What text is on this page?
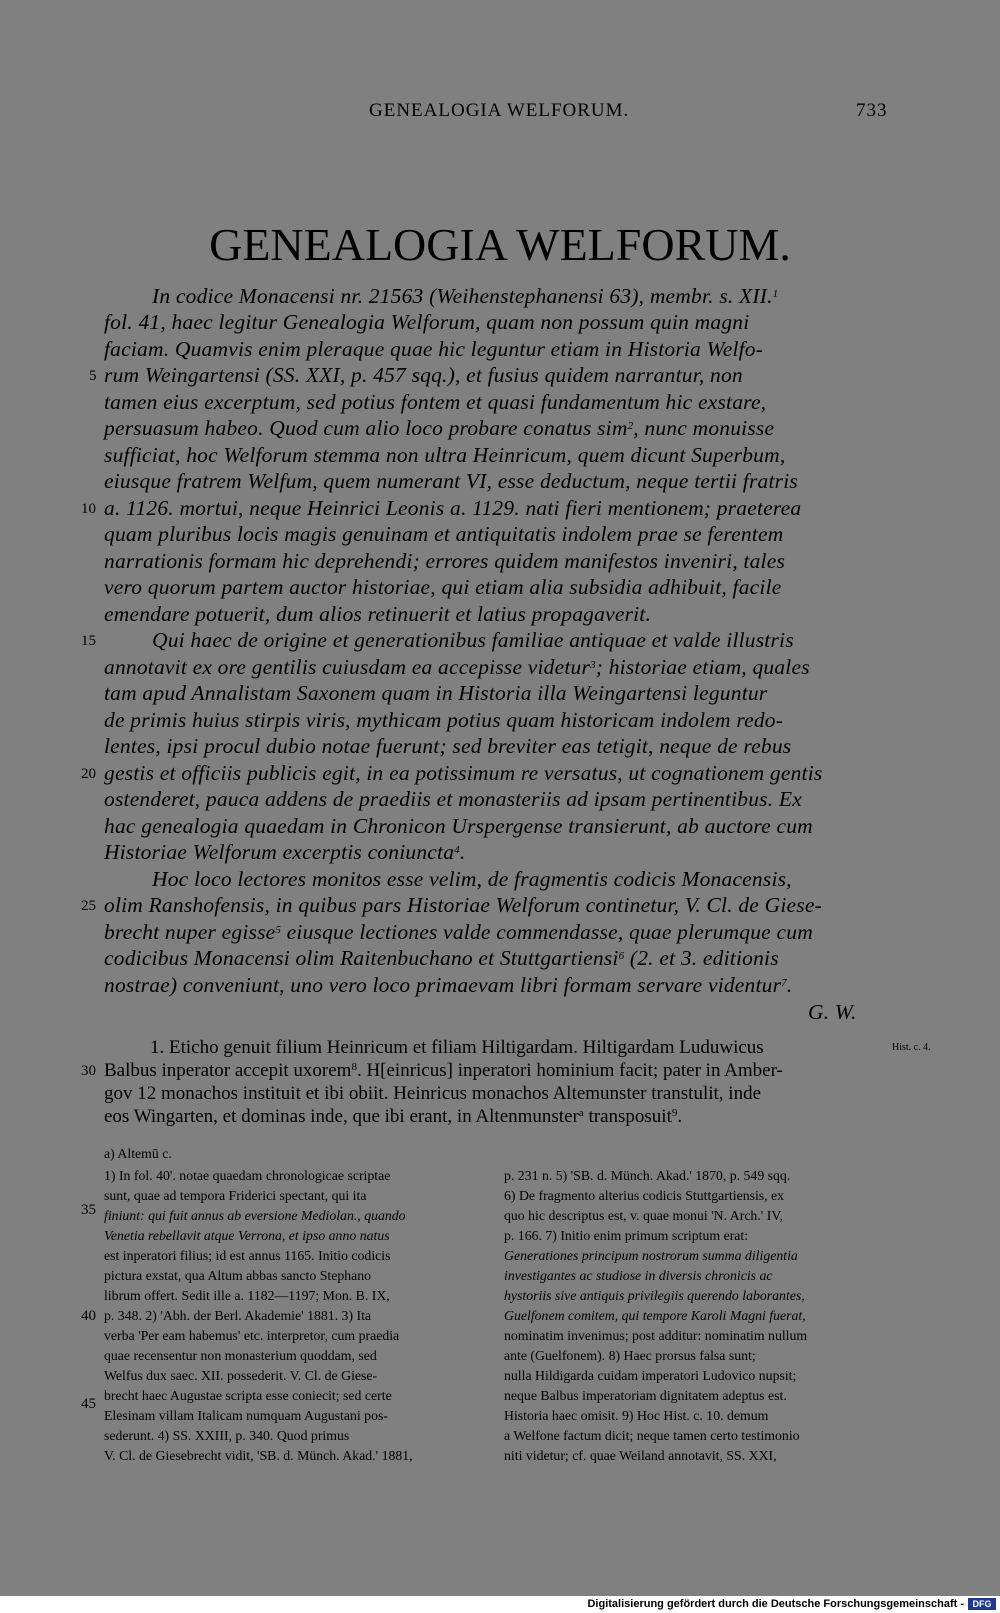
GENEALOGIA WELFORUM.	733
GENEALOGIA WELFORUM.
In codice Monacensi nr. 21563 (Weihenstephanensi 63), membr. s. XII.$^1$
fol. 41, haec legitur Genealogia Welforum, quam non possum quin magni
faciam. Quamvis enim pleraque quae hic leguntur etiam in Historia Welfo-
rum Weingartensi (SS. XXI, p. 457 sqq.), et fusius quidem narrantur, non
tamen eius excerptum, sed potius fontem et quasi fundamentum hic exstare,
persuasum habeo. Quod cum alio loco probare conatus sim$^2$, nunc monuisse
sufficiat, hoc Welforum stemma non ultra Heinricum, quem dicunt Superbum,
eiusque fratrem Welfum, quem numerant VI, esse deductum, neque tertii fratris
a. 1126. mortui, neque Heinrici Leonis a. 1129. nati fieri mentionem; praeterea
quam pluribus locis magis genuinam et antiquitatis indolem prae se ferentem
narrationis formam hic deprehendi; errores quidem manifestos inveniri, tales
vero quorum partem auctor historiae, qui etiam alia subsidia adhibuit, facile
emendare potuerit, dum alios retinuerit et latius propagaverit.
Qui haec de origine et generationibus familiae antiquae et valde illustris
annotavit ex ore gentilis cuiusdam ea accepisse videtur$^3$; historiae etiam, quales
tam apud Annalistam Saxonem quam in Historia illa Weingartensi leguntur
de primis huius stirpis viris, mythicam potius quam historicam indolem redo-
lentes, ipsi procul dubio notae fuerunt; sed breviter eas tetigit, neque de rebus
gestis et officiis publicis egit, in ea potissimum re versatus, ut cognationem gentis
ostenderet, pauca addens de praediis et monasteriis ad ipsam pertinentibus. Ex
hac genealogia quaedam in Chronicon Urspergense transierunt, ab auctore cum
Historiae Welforum excerptis coniuncta$^4$.
Hoc loco lectores monitos esse velim, de fragmentis codicis Monacensis,
olim Ranshofensis, in quibus pars Historiae Welforum continetur, V. Cl. de Giese-
brecht nuper egisse$^5$ eiusque lectiones valde commendasse, quae plerumque cum
codicibus Monacensi olim Raitenbuchano et Stuttgartiensi$^6$ (2. et 3. editionis
nostrae) conveniunt, uno vero loco primaevam libri formam servare videntur$^7$.
G. W.
5
10
15
20
25
30
35
40
45
1. Eticho genuit filium Heinricum et filiam Hiltigardam. Hiltigardam Luduwicus
Balbus inperator accepit uxorem$^8$. H[einricus] inperatori hominium facit; pater in Amber-
gov 12 monachos instituit et ibi obiit. Heinricus monachos Altemunster transtulit, inde
eos Wingarten, et dominas inde, que ibi erant, in Altenmunster$^a$ transposuit$^9$.
Hist. c. 4.
a) Altemū c.
1) In fol. 40'. notae quaedam chronologicae scriptae
sunt, quae ad tempora Friderici spectant, qui ita
finiunt: qui fuit annus ab eversione Mediolan., quando
Venetia rebellavit atque Verrona, et ipso anno natus
est inperatori filius; id est annus 1165. Initio codicis
pictura exstat, qua Altum abbas sancto Stephano
librum offert. Sedit ille a. 1182—1197; Mon. B. IX,
p. 348. 2) 'Abh. der Berl. Akademie' 1881. 3) Ita
verba 'Per eam habemus' etc. interpretor, cum praedia
quae recensentur non monasterium quoddam, sed
Welfus dux saec. XII. possederit. V. Cl. de Giese-
brecht haec Augustae scripta esse coniecit; sed certe
Elesinam villam Italicam numquam Augustani pos-
sederunt. 4) SS. XXIII, p. 340. Quod primus
V. Cl. de Giesebrecht vidit, 'SB. d. Münch. Akad.' 1881,
p. 231 n. 5) 'SB. d. Münch. Akad.' 1870, p. 549 sqq.
6) De fragmento alterius codicis Stuttgartiensis, ex
quo hic descriptus est, v. quae monui 'N. Arch.' IV,
p. 166. 7) Initio enim primum scriptum erat:
Generationes principum nostrorum summa diligentia
investigantes ac studiose in diversis chronicis ac
hystoriis sive antiquis privilegiis querendo laborantes,
Guelfonem comitem, qui tempore Karoli Magni fuerat,
nominatim invenimus; post additur: nominatim nullum
ante (Guelfonem). 8) Haec prorsus falsa sunt;
nulla Hildigarda cuidam imperatori Ludovico nupsit;
neque Balbus imperatoriam dignitatem adeptus est.
Historia haec omisit. 9) Hoc Hist. c. 10. demum
a Welfone factum dicit; neque tamen certo testimonio
niti videtur; cf. quae Weiland annotavit, SS. XXI,
Digitalisierung gefördert durch die Deutsche Forschungsgemeinschaft - DFG
